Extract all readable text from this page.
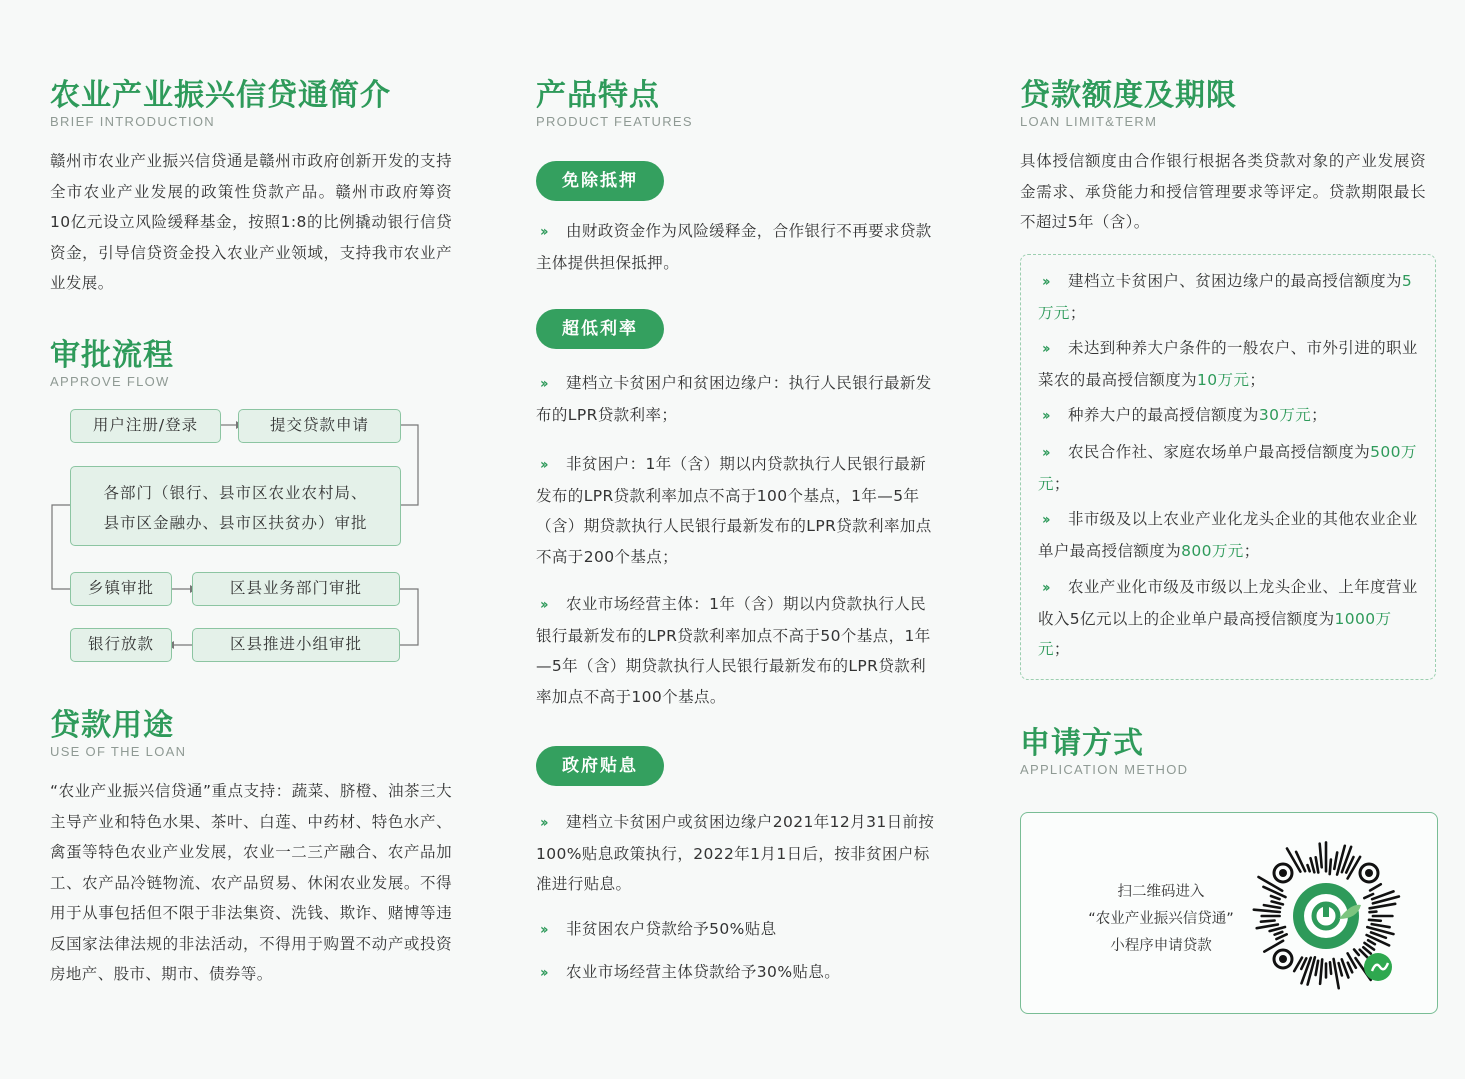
农业产业振兴信贷通简介
BRIEF INTRODUCTION

赣州市农业产业振兴信贷通是赣州市政府创新开发的支持全市农业产业发展的政策性贷款产品。赣州市政府筹资10亿元设立风险缓释基金，按照1:8的比例撬动银行信贷资金，引导信贷资金投入农业产业领域，支持我市农业产业发展。

审批流程
APPROVE FLOW
用户注册/登录	提交贷款申请
各部门（银行、县市区农业农村局、
县市区金融办、县市区扶贫办）审批
乡镇审批	区县业务部门审批
银行放款	区县推进小组审批
贷款用途
USE OF THE LOAN

“农业产业振兴信贷通”重点支持：蔬菜、脐橙、油茶三大主导产业和特色水果、茶叶、白莲、中药材、特色水产、禽蛋等特色农业产业发展，农业一二三产融合、农产品加工、农产品冷链物流、农产品贸易、休闲农业发展。不得用于从事包括但不限于非法集资、洗钱、欺诈、赌博等违反国家法律法规的非法活动，不得用于购置不动产或投资房地产、股市、期市、债券等。

产品特点
PRODUCT FEATURES
免除抵押
››由财政资金作为风险缓释金，合作银行不再要求贷款主体提供担保抵押。
超低利率
››建档立卡贫困户和贫困边缘户：执行人民银行最新发布的LPR贷款利率；
››非贫困户：1年（含）期以内贷款执行人民银行最新发布的LPR贷款利率加点不高于100个基点，1年—5年（含）期贷款执行人民银行最新发布的LPR贷款利率加点不高于200个基点；
››农业市场经营主体：1年（含）期以内贷款执行人民银行最新发布的LPR贷款利率加点不高于50个基点，1年—5年（含）期贷款执行人民银行最新发布的LPR贷款利率加点不高于100个基点。
政府贴息
››建档立卡贫困户或贫困边缘户2021年12月31日前按100%贴息政策执行，2022年1月1日后，按非贫困户标准进行贴息。
››非贫困农户贷款给予50%贴息
››农业市场经营主体贷款给予30%贴息。
贷款额度及期限
LOAN LIMIT&TERM

具体授信额度由合作银行根据各类贷款对象的产业发展资金需求、承贷能力和授信管理要求等评定。贷款期限最长不超过5年（含）。

››建档立卡贫困户、贫困边缘户的最高授信额度为5万元；
››未达到种养大户条件的一般农户、市外引进的职业菜农的最高授信额度为10万元；
››种养大户的最高授信额度为30万元；
››农民合作社、家庭农场单户最高授信额度为500万元；
››非市级及以上农业产业化龙头企业的其他农业企业单户最高授信额度为800万元；
››农业产业化市级及市级以上龙头企业、上年度营业收入5亿元以上的企业单户最高授信额度为1000万元；
申请方式
APPLICATION METHOD
扫二维码进入
“农业产业振兴信贷通”
小程序申请贷款
